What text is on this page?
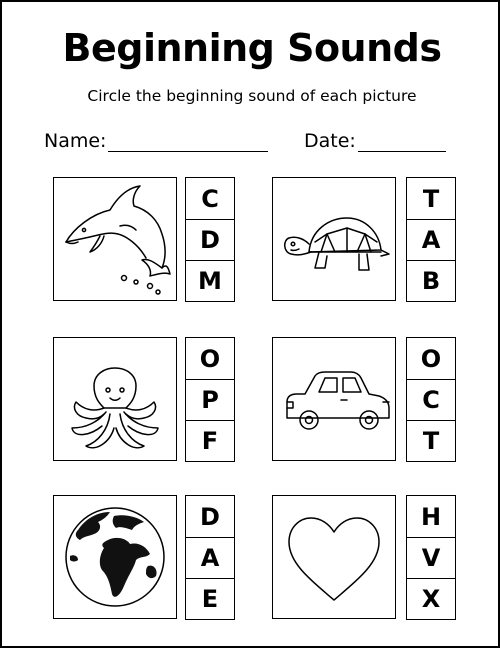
Beginning Sounds
Circle the beginning sound of each picture
Name:	Date:
C
D
M
T
A
B
O
P
F
O
C
T
D
A
E
H
V
X
